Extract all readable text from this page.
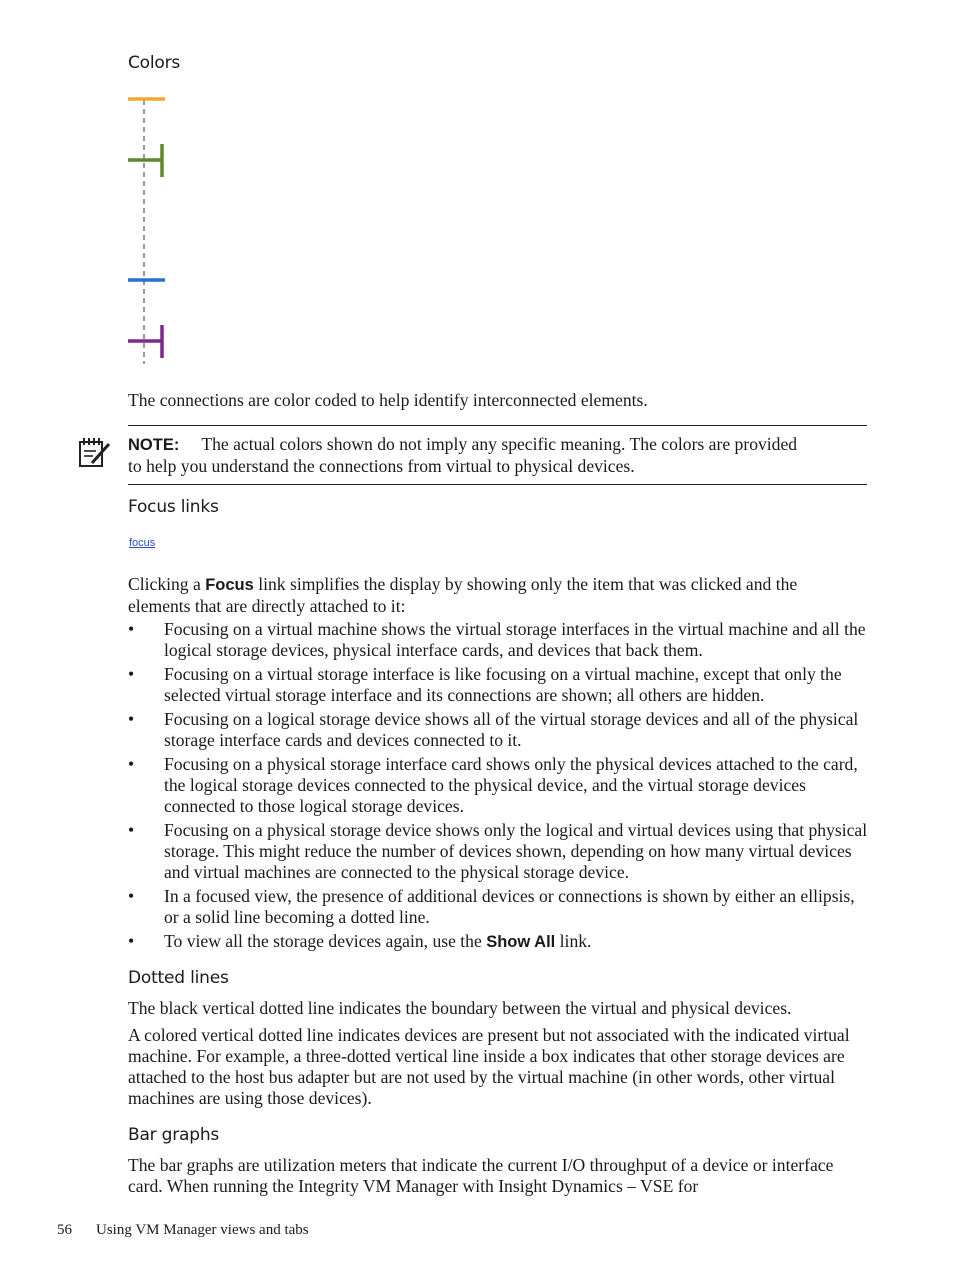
Colors
The connections are color coded to help identify interconnected elements.
NOTE: The actual colors shown do not imply any specific meaning. The colors are provided
to help you understand the connections from virtual to physical devices.
Focus links
focus
Clicking a Focus link simplifies the display by showing only the item that was clicked and the
elements that are directly attached to it:
• Focusing on a virtual machine shows the virtual storage interfaces in the virtual machine and all the logical storage devices, physical interface cards, and devices that back them.
• Focusing on a virtual storage interface is like focusing on a virtual machine, except that only the selected virtual storage interface and its connections are shown; all others are hidden.
• Focusing on a logical storage device shows all of the virtual storage devices and all of the physical storage interface cards and devices connected to it.
• Focusing on a physical storage interface card shows only the physical devices attached to the card, the logical storage devices connected to the physical device, and the virtual storage devices connected to those logical storage devices.
• Focusing on a physical storage device shows only the logical and virtual devices using that physical storage. This might reduce the number of devices shown, depending on how many virtual devices and virtual machines are connected to the physical storage device.
• In a focused view, the presence of additional devices or connections is shown by either an ellipsis, or a solid line becoming a dotted line.
• To view all the storage devices again, use the Show All link.
Dotted lines
The black vertical dotted line indicates the boundary between the virtual and physical devices.
A colored vertical dotted line indicates devices are present but not associated with the indicated virtual machine. For example, a three-dotted vertical line inside a box indicates that other storage devices are attached to the host bus adapter but are not used by the virtual machine (in other words, other virtual machines are using those devices).
Bar graphs
The bar graphs are utilization meters that indicate the current I/O throughput of a device or interface card. When running the Integrity VM Manager with Insight Dynamics – VSE for
56 Using VM Manager views and tabs
